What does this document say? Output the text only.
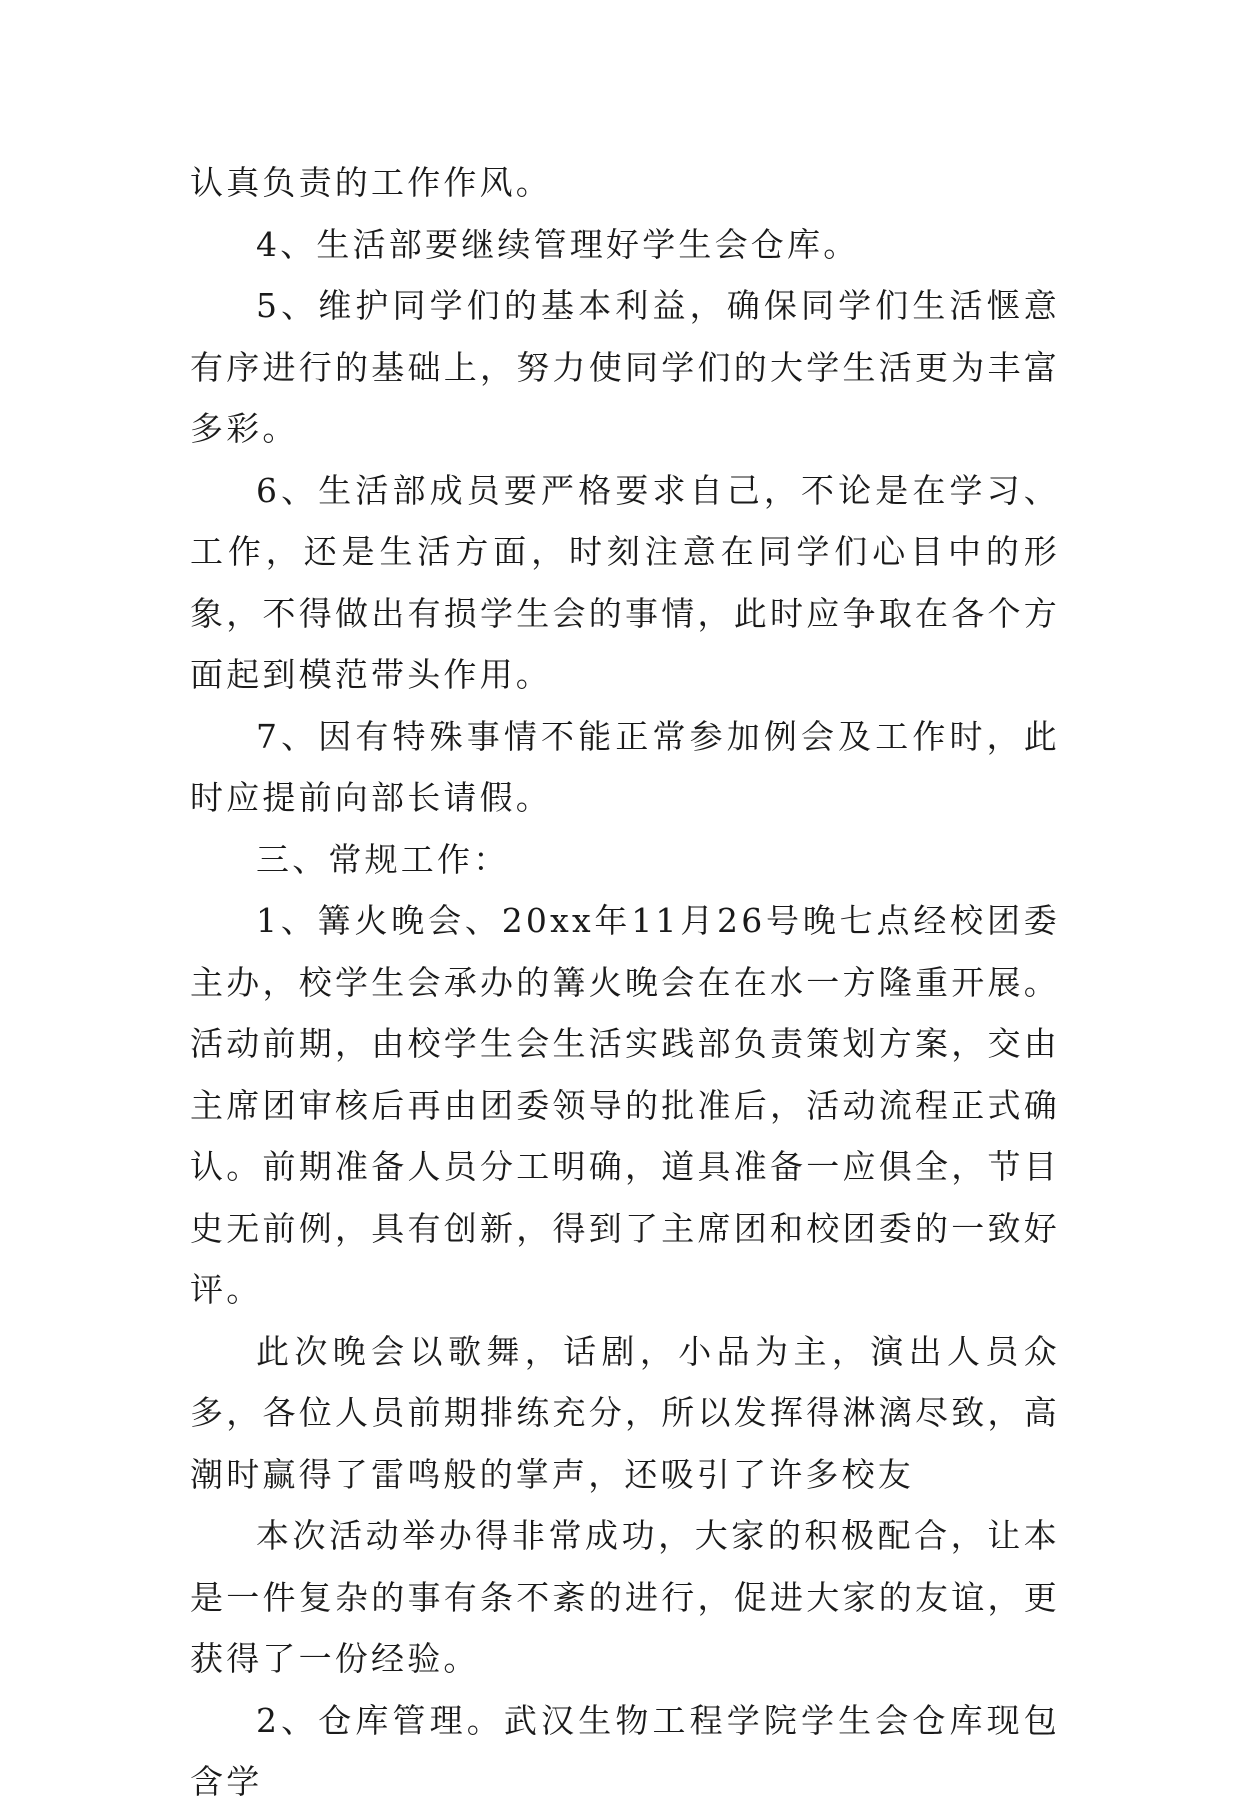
认真负责的工作作风。

4、生活部要继续管理好学生会仓库。

5、维护同学们的基本利益，确保同学们生活惬意有序进行的基础上，努力使同学们的大学生活更为丰富多彩。

6、生活部成员要严格要求自己，不论是在学习、工作，还是生活方面，时刻注意在同学们心目中的形象，不得做出有损学生会的事情，此时应争取在各个方面起到模范带头作用。

7、因有特殊事情不能正常参加例会及工作时，此时应提前向部长请假。

三、常规工作：

1、篝火晚会、20xx年11月26号晚七点经校团委主办，校学生会承办的篝火晚会在在水一方隆重开展。活动前期，由校学生会生活实践部负责策划方案，交由主席团审核后再由团委领导的批准后，活动流程正式确认。前期准备人员分工明确，道具准备一应俱全，节目史无前例，具有创新，得到了主席团和校团委的一致好评。

此次晚会以歌舞，话剧，小品为主，演出人员众多，各位人员前期排练充分，所以发挥得淋漓尽致，高潮时赢得了雷鸣般的掌声，还吸引了许多校友

本次活动举办得非常成功，大家的积极配合，让本是一件复杂的事有条不紊的进行，促进大家的友谊，更获得了一份经验。

2、仓库管理。武汉生物工程学院学生会仓库现包含学
